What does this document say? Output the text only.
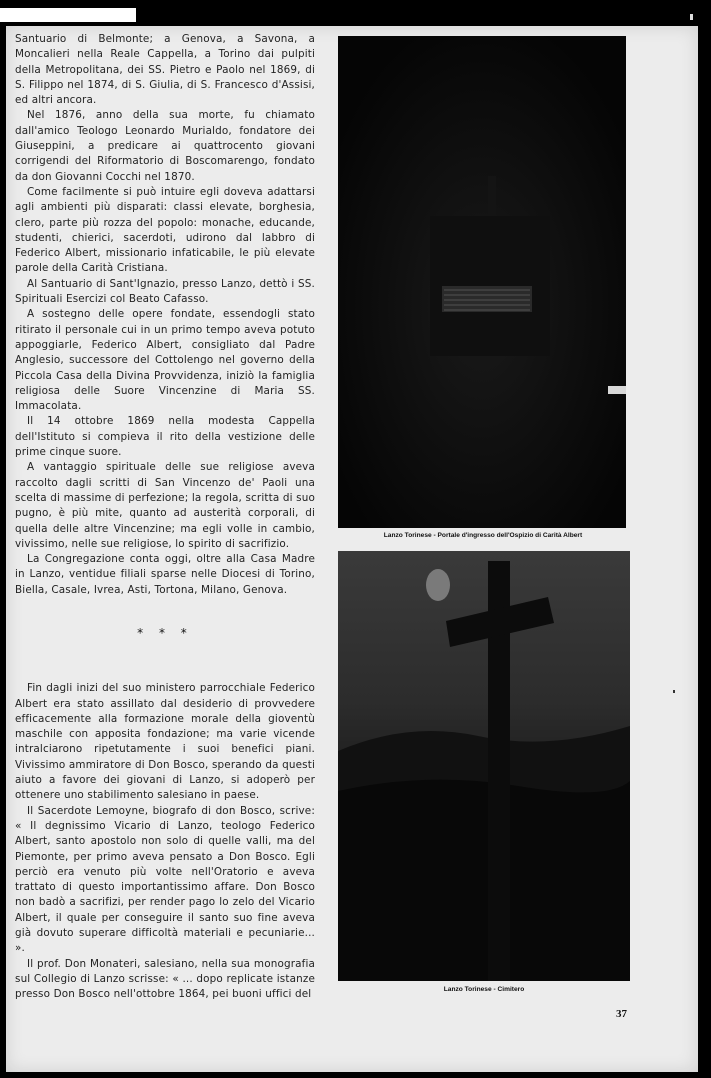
Santuario di Belmonte; a Genova, a Savona, a Moncalieri nella Reale Cappella, a Torino dai pulpiti della Metropolitana, dei SS. Pietro e Paolo nel 1869, di S. Filippo nel 1874, di S. Giulia, di S. Francesco d'Assisi, ed altri ancora.

Nel 1876, anno della sua morte, fu chiamato dall'amico Teologo Leonardo Murialdo, fondatore dei Giuseppini, a predicare ai quattrocento giovani corrigendi del Riformatorio di Boscomarengo, fondato da don Giovanni Cocchi nel 1870.

Come facilmente si può intuire egli doveva adattarsi agli ambienti più disparati: classi elevate, borghesia, clero, parte più rozza del popolo: monache, educande, studenti, chierici, sacerdoti, udirono dal labbro di Federico Albert, missionario infaticabile, le più elevate parole della Carità Cristiana.

Al Santuario di Sant'Ignazio, presso Lanzo, dettò i SS. Spirituali Esercizi col Beato Cafasso.

A sostegno delle opere fondate, essendogli stato ritirato il personale cui in un primo tempo aveva potuto appoggiarle, Federico Albert, consigliato dal Padre Anglesio, successore del Cottolengo nel governo della Piccola Casa della Divina Provvidenza, iniziò la famiglia religiosa delle Suore Vincenzine di Maria SS. Immacolata.

Il 14 ottobre 1869 nella modesta Cappella dell'Istituto si compieva il rito della vestizione delle prime cinque suore.

A vantaggio spirituale delle sue religiose aveva raccolto dagli scritti di San Vincenzo de' Paoli una scelta di massime di perfezione; la regola, scritta di suo pugno, è più mite, quanto ad austerità corporali, di quella delle altre Vincenzine; ma egli volle in cambio, vivissimo, nelle sue religiose, lo spirito di sacrifizio.

La Congregazione conta oggi, oltre alla Casa Madre in Lanzo, ventidue filiali sparse nelle Diocesi di Torino, Biella, Casale, Ivrea, Asti, Tortona, Milano, Genova.

* * *

Fin dagli inizi del suo ministero parrocchiale Federico Albert era stato assillato dal desiderio di provvedere efficacemente alla formazione morale della gioventù maschile con apposita fondazione; ma varie vicende intralciarono ripetutamente i suoi benefici piani. Vivissimo ammiratore di Don Bosco, sperando da questi aiuto a favore dei giovani di Lanzo, si adoperò per ottenere uno stabilimento salesiano in paese.

Il Sacerdote Lemoyne, biografo di don Bosco, scrive: « Il degnissimo Vicario di Lanzo, teologo Federico Albert, santo apostolo non solo di quelle valli, ma del Piemonte, per primo aveva pensato a Don Bosco. Egli perciò era venuto più volte nell'Oratorio e aveva trattato di questo importantissimo affare. Don Bosco non badò a sacrifizi, per render pago lo zelo del Vicario Albert, il quale per conseguire il santo suo fine aveva già dovuto superare difficoltà materiali e pecuniarie... ».

Il prof. Don Monateri, salesiano, nella sua monografia sul Collegio di Lanzo scrisse: « ... dopo replicate istanze presso Don Bosco nell'ottobre 1864, pei buoni uffici del

Lanzo Torinese - Portale d'ingresso dell'Ospizio di Carità Albert
Lanzo Torinese - Cimitero
37
